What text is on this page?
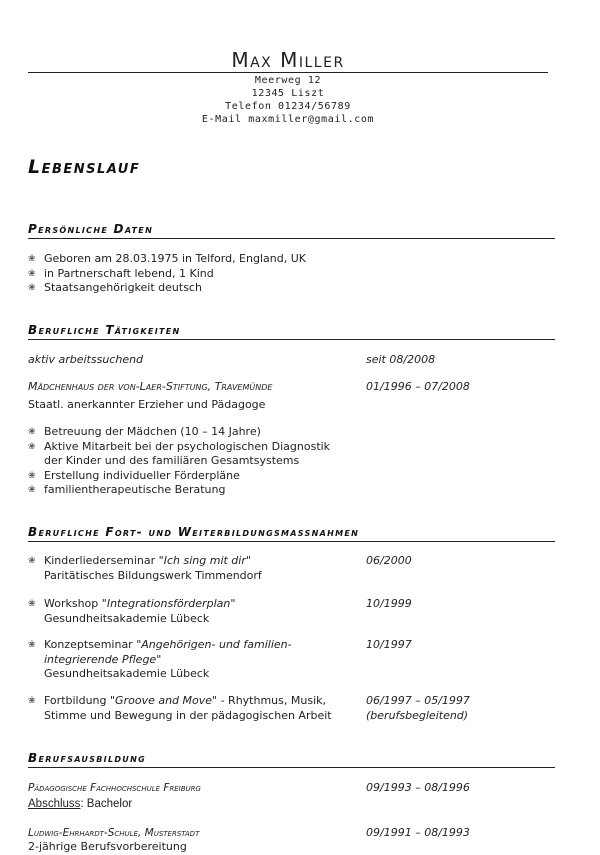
Max Miller
Meerweg 12
12345 Liszt
Telefon 01234/56789
E-Mail maxmiller@gmail.com
Lebenslauf
Persönliche Daten
❀ Geboren am 28.03.1975 in Telford, England, UK
❀ in Partnerschaft lebend, 1 Kind
❀ Staatsangehörigkeit deutsch
Berufliche Tätigkeiten
aktiv arbeitssuchend	seit 08/2008
Mädchenhaus der von-Laer-Stiftung, Travemünde	01/1996 – 07/2008
Staatl. anerkannter Erzieher und Pädagoge
❀ Betreuung der Mädchen (10 – 14 Jahre)
❀ Aktive Mitarbeit bei der psychologischen Diagnostik
der Kinder und des familiären Gesamtsystems
❀ Erstellung individueller Förderpläne
❀ familientherapeutische Beratung
Berufliche Fort- und Weiterbildungsmassnahmen
❀ Kinderliederseminar "Ich sing mit dir"
Paritätisches Bildungswerk Timmendorf
06/2000
❀ Workshop "Integrationsförderplan"
Gesundheitsakademie Lübeck
10/1999
❀ Konzeptseminar "Angehörigen- und familien-
integrierende Pflege"
Gesundheitsakademie Lübeck
10/1997
❀ Fortbildung "Groove and Move" - Rhythmus, Musik,
Stimme und Bewegung in der pädagogischen Arbeit
06/1997 – 05/1997
(berufsbegleitend)
Berufsausbildung
Pädagogische Fachhochschule Freiburg	09/1993 – 08/1996
Abschluss: Bachelor
Ludwig-Ehrhardt-Schule, Musterstadt	09/1991 – 08/1993
2-jährige Berufsvorbereitung
